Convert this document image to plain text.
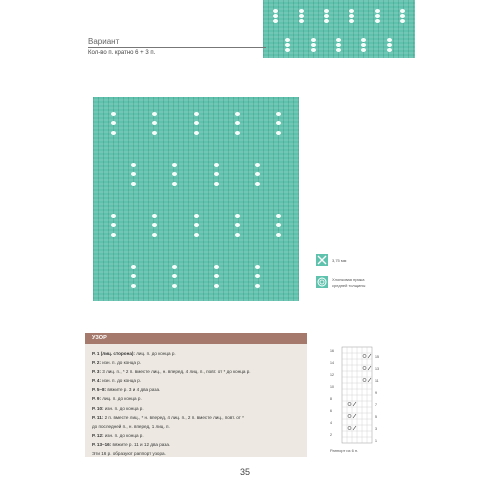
Вариант
Кол-во п. кратно 6 + 3 п.
3,75 мм
Хлопковая пряжа
средней толщины
УЗОР
Р. 1 (лиц. сторона): лиц. п. до конца р.
Р. 2: изн. п. до конца р.
Р. 3: 3 лиц. п., * 2 п. вместе лиц., н. вперед, 4 лиц. п., повт. от * до конца р.
Р. 4: изн. п. до конца р.
Р. 5–8: вяжите р. 3 и 4 два раза.
Р. 9: лиц. п. до конца р.
Р. 10: изн. п. до конца р.
Р. 11: 2 п. вместе лиц., * н. вперед, 4 лиц. п., 2 п. вместе лиц., повт. от *
до последней п., н. вперед, 1 лиц. п.
Р. 12: изн. п. до конца р.
Р. 13–16: вяжите р. 11 и 12 два раза.
Эти 16 р. образуют раппорт узора.
16
14
12
10
8
6
4
2
15
13
11
9
7
5
3
1
Раппорт из 6 п.
35
